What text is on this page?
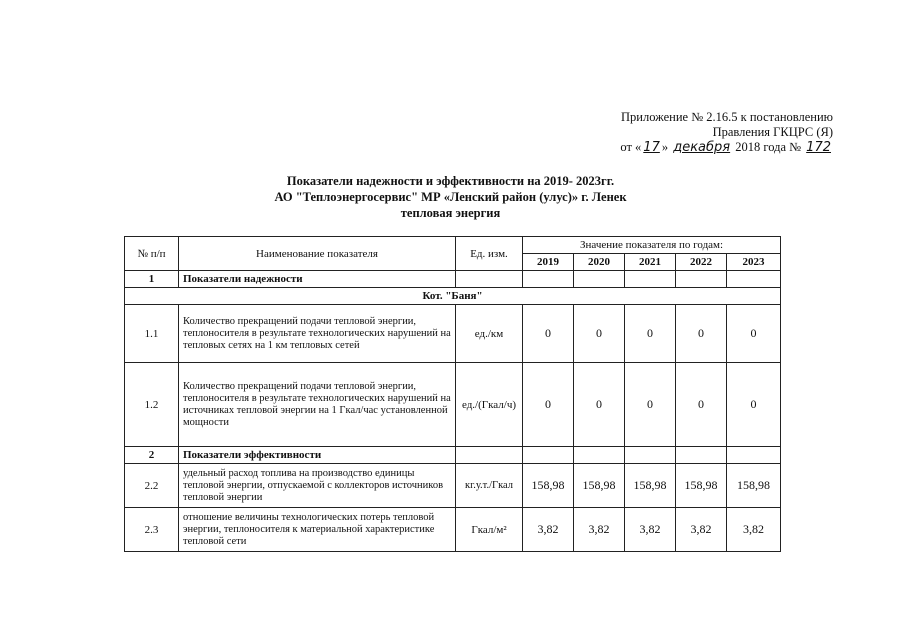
Приложение № 2.16.5 к постановлению
Правления ГКЦРС (Я)
от « 17 » декабря 2018 года № 172
Показатели надежности и эффективности на 2019- 2023гг.
АО "Теплоэнергосервис" МР «Ленский район (улус)» г. Ленек
тепловая энергия
№ п/п	Наименование показателя	Ед. изм.	Значение показателя по годам:				
			2019	2020	2021	2022	2023
1	Показатели надежности						
Кот. "Баня"							
1.1	Количество прекращений подачи тепловой энергии, теплоносителя в результате технологических нарушений на тепловых сетях на 1 км тепловых сетей	ед./км	0	0	0	0	0
1.2	Количество прекращений подачи тепловой энергии, теплоносителя в результате технологических нарушений на источниках тепловой энергии на 1 Гкал/час установленной мощности	ед./(Гкал/ч)	0	0	0	0	0
2	Показатели эффективности						
2.2	удельный расход топлива на производство единицы тепловой энергии, отпускаемой с коллекторов источников тепловой энергии	кг.у.т./Гкал	158,98	158,98	158,98	158,98	158,98
2.3	отношение величины технологических потерь тепловой энергии, теплоносителя к материальной характеристике тепловой сети	Гкал/м²	3,82	3,82	3,82	3,82	3,82
